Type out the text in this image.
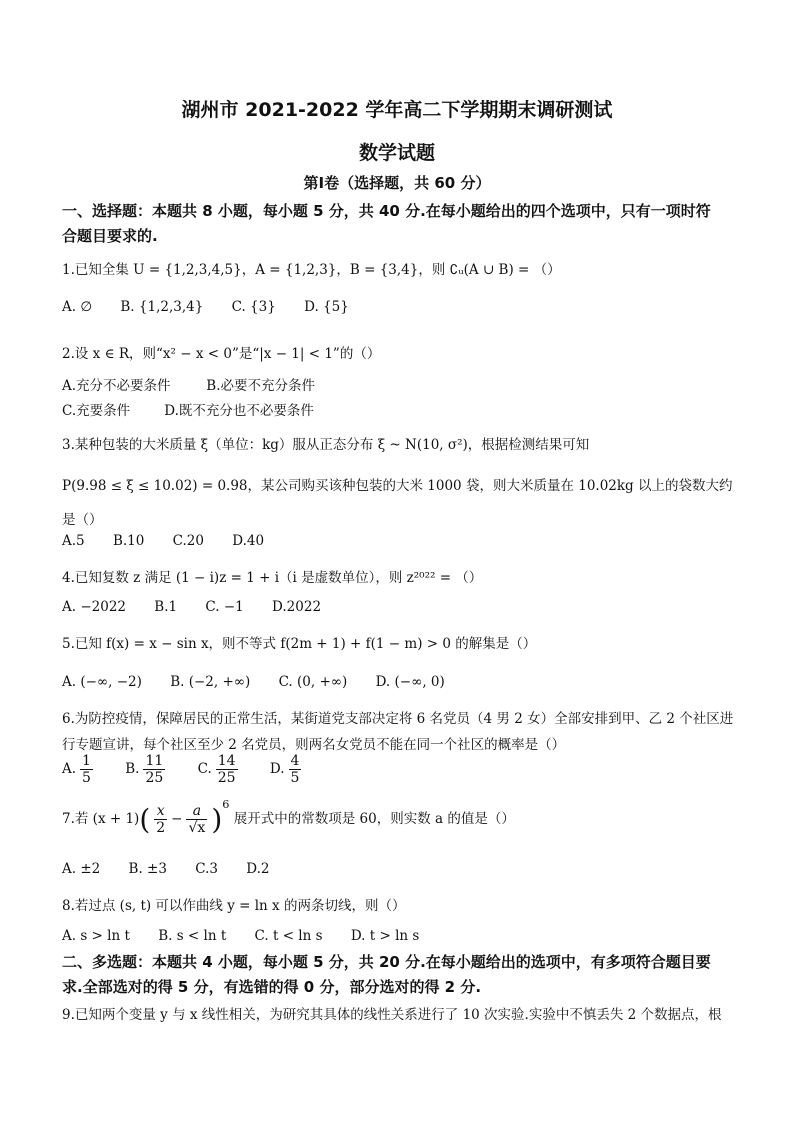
湖州市 2021-2022 学年高二下学期期末调研测试
数学试题
第Ⅰ卷（选择题，共 60 分）
一、选择题：本题共 8 小题，每小题 5 分，共 40 分.在每小题给出的四个选项中，只有一项时符
合题目要求的.
1.已知全集 U = {1,2,3,4,5}，A = {1,2,3}，B = {3,4}，则 ∁ᵤ(A ∪ B) = （）
A. ∅ B. {1,2,3,4} C. {3} D. {5}
2.设 x ∈ R，则“x² − x < 0”是“|x − 1| < 1”的（）
A.充分不必要条件	B.必要不充分条件
C.充要条件	D.既不充分也不必要条件
3.某种包装的大米质量 ξ（单位：kg）服从正态分布 ξ ~ N(10, σ²)，根据检测结果可知
P(9.98 ≤ ξ ≤ 10.02) = 0.98，某公司购买该种包装的大米 1000 袋，则大米质量在 10.02kg 以上的袋数大约
是（）
A.5 B.10 C.20 D.40
4.已知复数 z 满足 (1 − i)z = 1 + i（i 是虚数单位），则 z²⁰²² = （）
A. −2022 B.1 C. −1 D.2022
5.已知 f(x) = x − sin x，则不等式 f(2m + 1) + f(1 − m) > 0 的解集是（）
A. (−∞, −2) B. (−2, +∞) C. (0, +∞) D. (−∞, 0)
6.为防控疫情，保障居民的正常生活，某街道党支部决定将 6 名党员（4 男 2 女）全部安排到甲、乙 2 个社区进
行专题宣讲，每个社区至少 2 名党员，则两名女党员不能在同一个社区的概率是（）
A. $\frac{1}{5} B$. $\frac{11}{25} C$. $\frac{14}{25} D$. $\frac{4}{5}$
7.若 $(x + 1)( \frac{x}{2} - \frac{a}{√x} )^6$ 展开式中的常数项是 60，则实数 a 的值是（）
A. ±2 B. ±3 C.3 D.2
8.若过点 (s, t) 可以作曲线 y = ln x 的两条切线，则（）
A. s > ln t B. s < ln t C. t < ln s D. t > ln s
二、多选题：本题共 4 小题，每小题 5 分，共 20 分.在每小题给出的选项中，有多项符合题目要
求.全部选对的得 5 分，有选错的得 0 分，部分选对的得 2 分.
9.已知两个变量 y 与 x 线性相关，为研究其具体的线性关系进行了 10 次实验.实验中不慎丢失 2 个数据点，根
